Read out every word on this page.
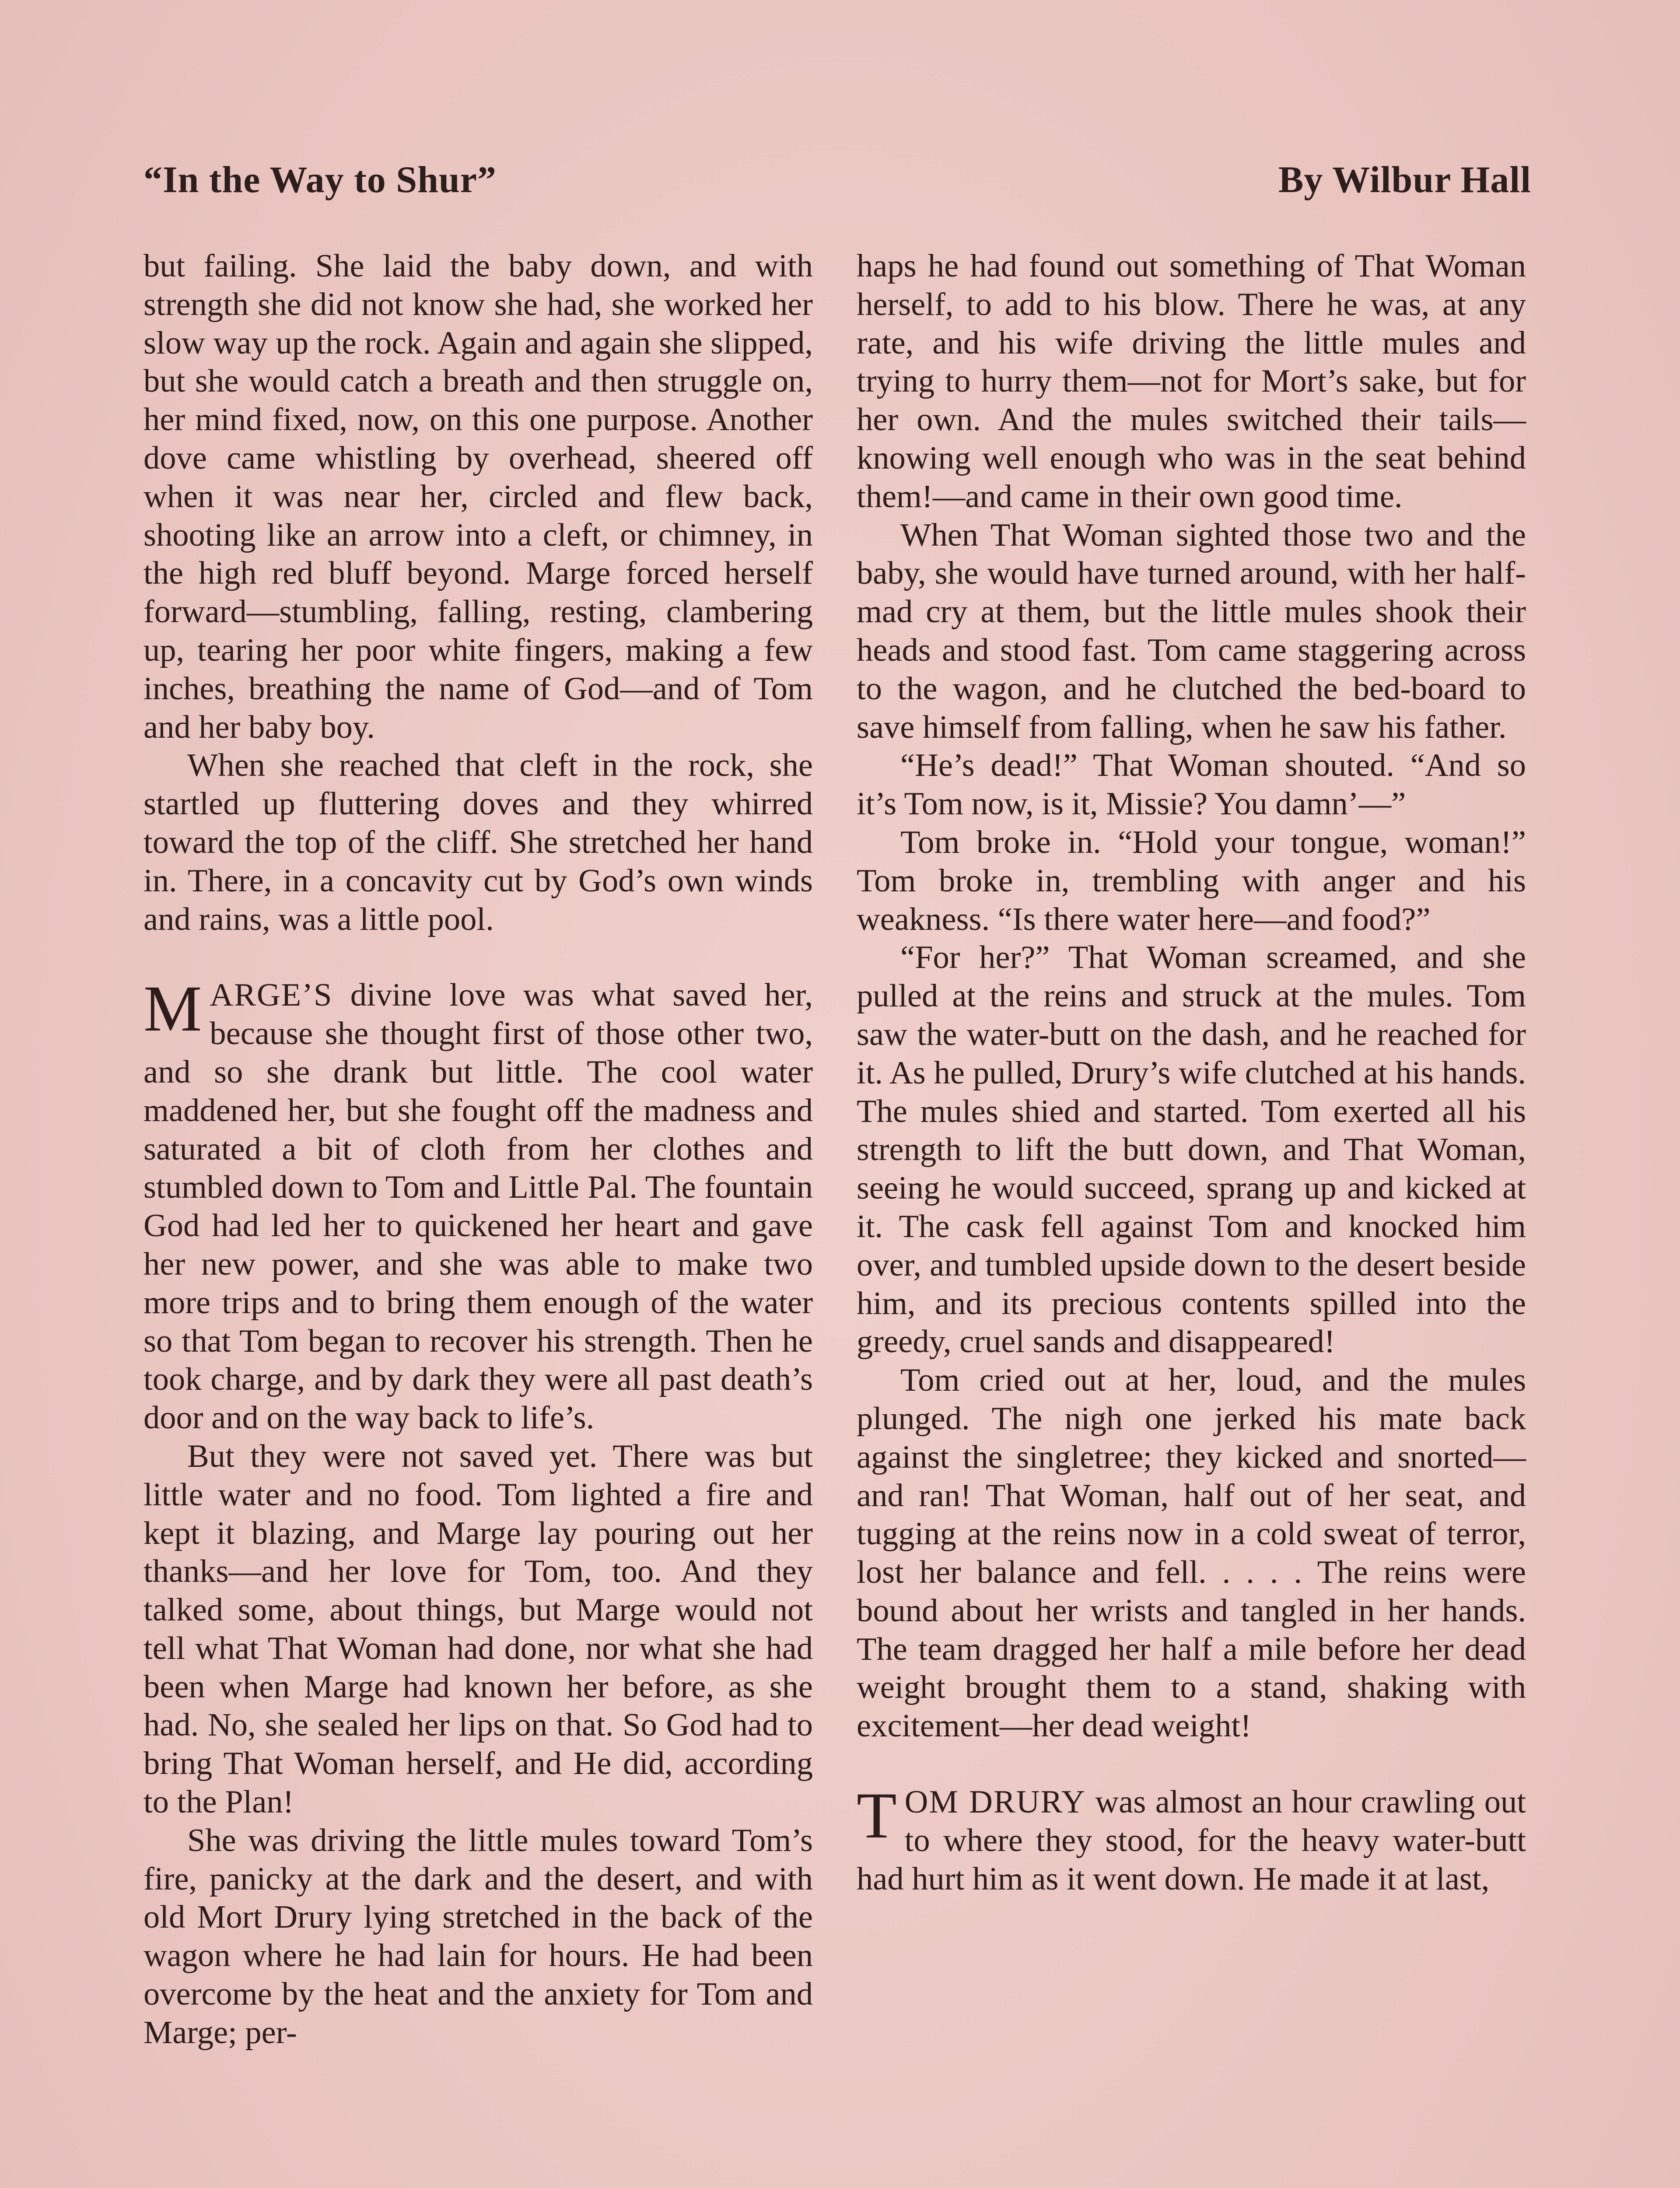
“In the Way to Shur”	By Wilbur Hall

but failing. She laid the baby down, and with strength she did not know she had, she worked her slow way up the rock. Again and again she slipped, but she would catch a breath and then struggle on, her mind fixed, now, on this one purpose. Another dove came whistling by overhead, sheered off when it was near her, circled and flew back, shooting like an arrow into a cleft, or chimney, in the high red bluff beyond. Marge forced herself forward—stumbling, falling, resting, clambering up, tearing her poor white fingers, making a few inches, breathing the name of God—and of Tom and her baby boy.

When she reached that cleft in the rock, she startled up fluttering doves and they whirred toward the top of the cliff. She stretched her hand in. There, in a concavity cut by God’s own winds and rains, was a little pool.

MARGE’S divine love was what saved her, because she thought first of those other two, and so she drank but little. The cool water maddened her, but she fought off the madness and saturated a bit of cloth from her clothes and stumbled down to Tom and Little Pal. The fountain God had led her to quickened her heart and gave her new power, and she was able to make two more trips and to bring them enough of the water so that Tom began to recover his strength. Then he took charge, and by dark they were all past death’s door and on the way back to life’s.

But they were not saved yet. There was but little water and no food. Tom lighted a fire and kept it blazing, and Marge lay pouring out her thanks—and her love for Tom, too. And they talked some, about things, but Marge would not tell what That Woman had done, nor what she had been when Marge had known her before, as she had. No, she sealed her lips on that. So God had to bring That Woman herself, and He did, according to the Plan!

She was driving the little mules toward Tom’s fire, panicky at the dark and the desert, and with old Mort Drury lying stretched in the back of the wagon where he had lain for hours. He had been overcome by the heat and the anxiety for Tom and Marge; per-

haps he had found out something of That Woman herself, to add to his blow. There he was, at any rate, and his wife driving the little mules and trying to hurry them—not for Mort’s sake, but for her own. And the mules switched their tails—knowing well enough who was in the seat behind them!—and came in their own good time.

When That Woman sighted those two and the baby, she would have turned around, with her half-mad cry at them, but the little mules shook their heads and stood fast. Tom came staggering across to the wagon, and he clutched the bed-board to save himself from falling, when he saw his father.

“He’s dead!” That Woman shouted. “And so it’s Tom now, is it, Missie? You damn’—”

Tom broke in. “Hold your tongue, woman!” Tom broke in, trembling with anger and his weakness. “Is there water here—and food?”

“For her?” That Woman screamed, and she pulled at the reins and struck at the mules. Tom saw the water-butt on the dash, and he reached for it. As he pulled, Drury’s wife clutched at his hands. The mules shied and started. Tom exerted all his strength to lift the butt down, and That Woman, seeing he would succeed, sprang up and kicked at it. The cask fell against Tom and knocked him over, and tumbled upside down to the desert beside him, and its precious contents spilled into the greedy, cruel sands and disappeared!

Tom cried out at her, loud, and the mules plunged. The nigh one jerked his mate back against the singletree; they kicked and snorted—and ran! That Woman, half out of her seat, and tugging at the reins now in a cold sweat of terror, lost her balance and fell. . . . . The reins were bound about her wrists and tangled in her hands. The team dragged her half a mile before her dead weight brought them to a stand, shaking with excitement—her dead weight!

TOM DRURY was almost an hour crawling out to where they stood, for the heavy water-butt had hurt him as it went down. He made it at last,
